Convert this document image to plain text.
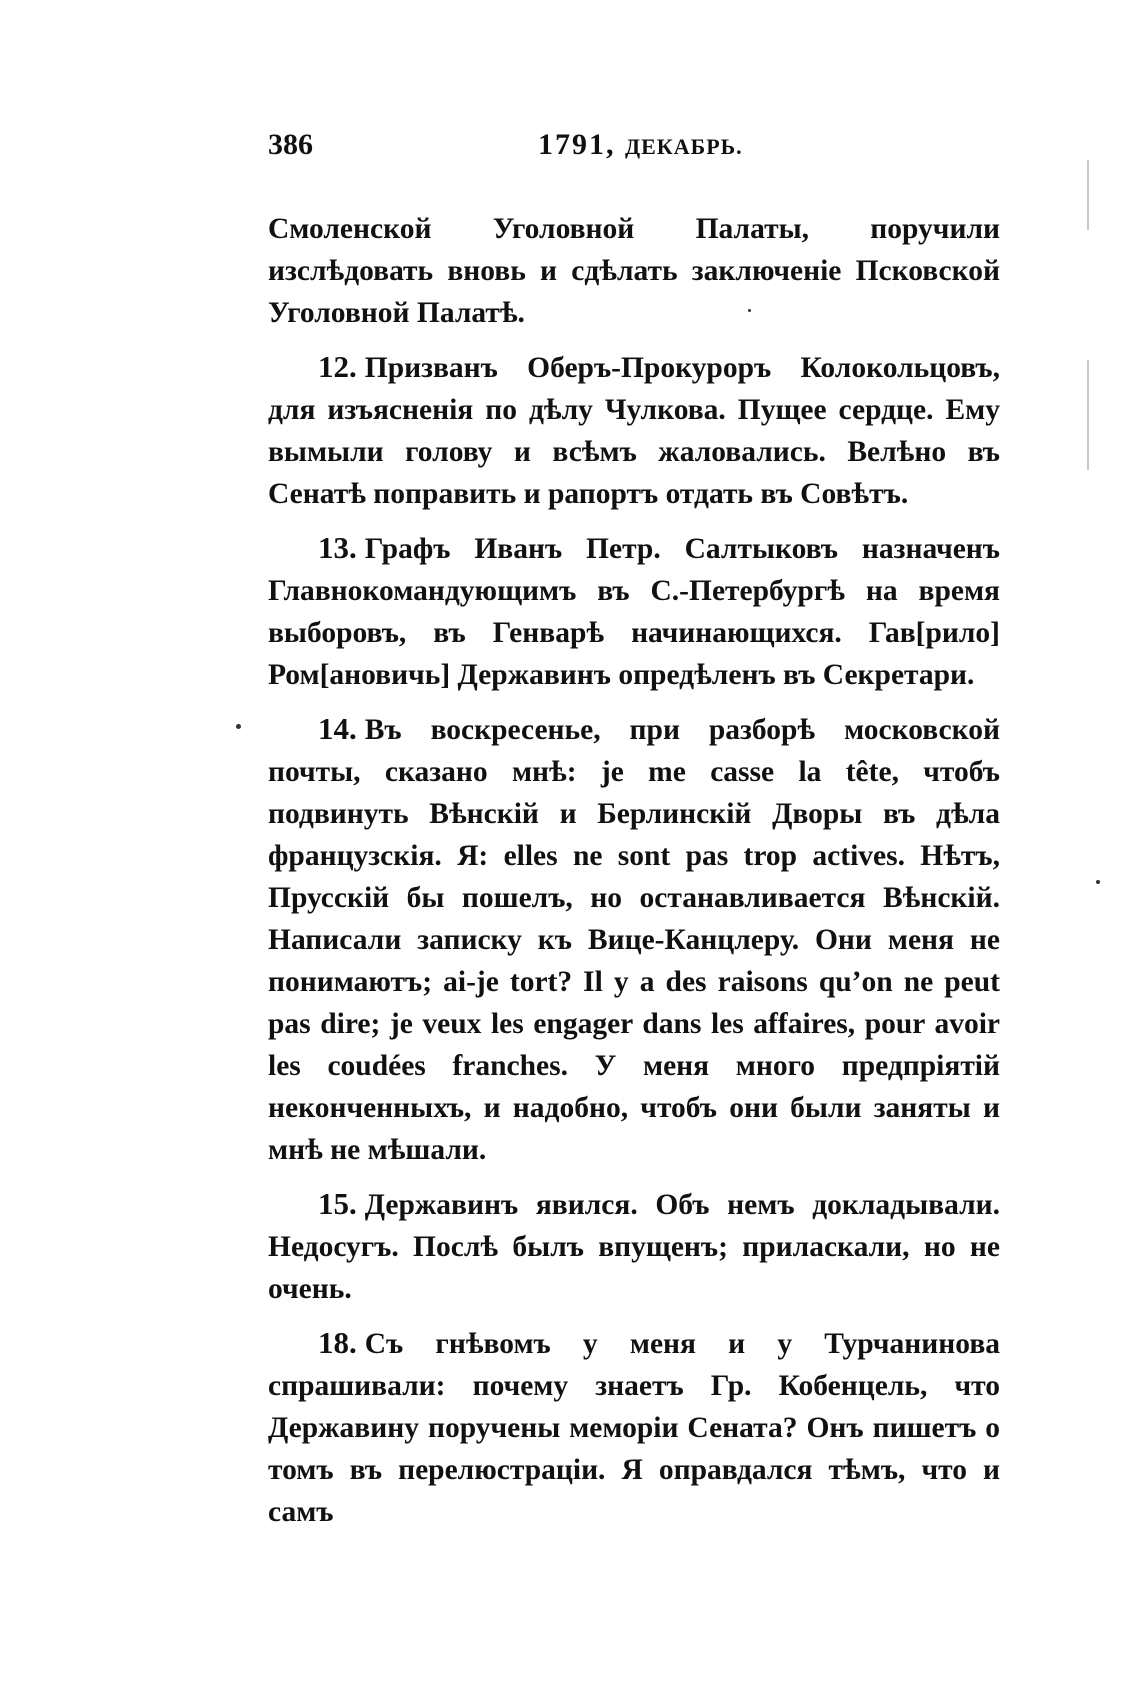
386	1791, ДЕКАБРЬ.

Смоленской Уголовной Палаты, поручили изслѣдовать вновь и сдѣлать заключеніе Псковской Уголовной Палатѣ.

12. Призванъ Оберъ-Прокуроръ Колокольцовъ, для изъясненія по дѣлу Чулкова. Пущее сердце. Ему вымыли голову и всѣмъ жаловались. Велѣно въ Сенатѣ поправить и рапортъ отдать въ Совѣтъ.

13. Графъ Иванъ Петр. Салтыковъ назначенъ Главнокомандующимъ въ С.-Петербургѣ на время выборовъ, въ Генварѣ начинающихся. Гав[рило] Ром[ановичь] Державинъ опредѣленъ въ Секретари.

14. Въ воскресенье, при разборѣ московской почты, сказано мнѣ: je me casse la tête, чтобъ подвинуть Вѣнскій и Берлинскій Дворы въ дѣла французскія. Я: elles ne sont pas trop actives. Нѣтъ, Прусскій бы пошелъ, но останавливается Вѣнскій. Написали записку къ Вице-Канцлеру. Они меня не понимаютъ; ai-je tort? Il y a des raisons qu’on ne peut pas dire; je veux les engager dans les affaires, pour avoir les coudées franches. У меня много предпріятій неконченныхъ, и надобно, чтобъ они были заняты и мнѣ не мѣшали.

15. Державинъ явился. Объ немъ докладывали. Недосугъ. Послѣ былъ впущенъ; приласкали, но не очень.

18. Съ гнѣвомъ у меня и у Турчанинова спрашивали: почему знаетъ Гр. Кобенцель, что Державину поручены меморіи Сената? Онъ пишетъ о томъ въ перелюстраціи. Я оправдался тѣмъ, что и самъ
